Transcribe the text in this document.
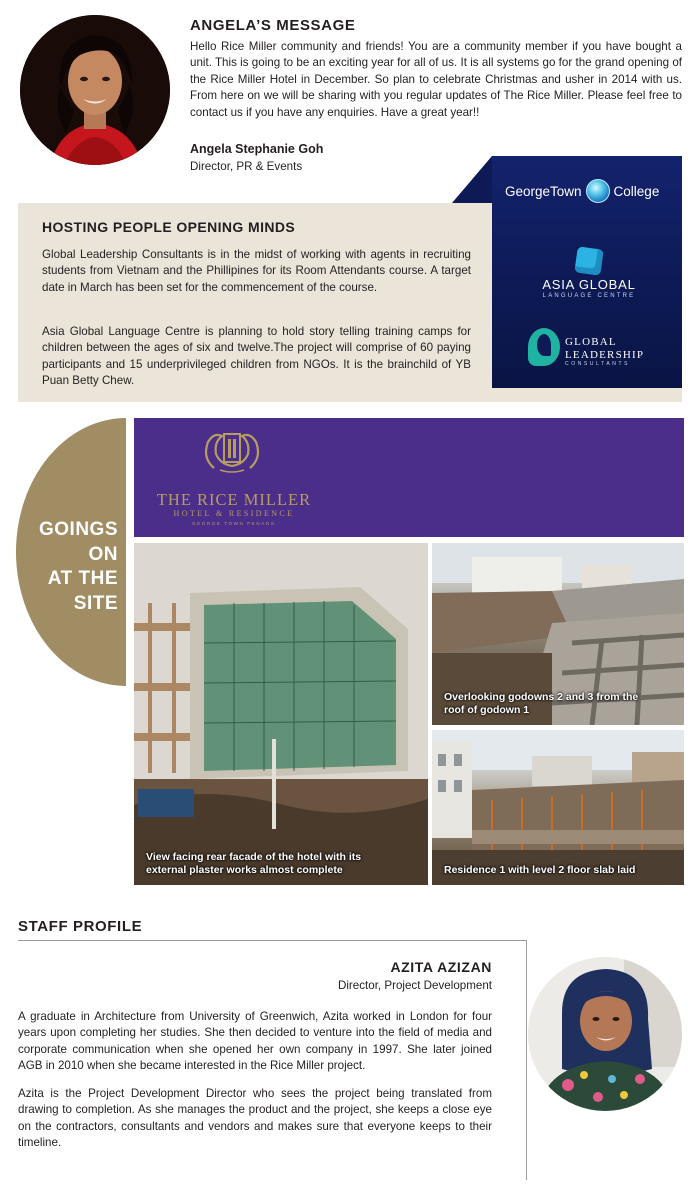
ANGELA’S MESSAGE
Hello Rice Miller community and friends! You are a community member if you have bought a unit. This is going to be an exciting year for all of us. It is all systems go for the grand opening of the Rice Miller Hotel in December. So plan to celebrate Christmas and usher in 2014 with us. From here on we will be sharing with you regular updates of The Rice Miller. Please feel free to contact us if you have any enquiries. Have a great year!!
Angela Stephanie Goh
Director, PR & Events
HOSTING PEOPLE OPENING MINDS
Global Leadership Consultants is in the midst of working with agents in recruiting students from Vietnam and the Phillipines for its Room Attendants course. A target date in March has been set for the commencement of the course.
Asia Global Language Centre is planning to hold story telling training camps for children between the ages of six and twelve.The project will comprise of 60 paying participants and 15 underprivileged children from NGOs. It is the brainchild of YB Puan Betty Chew.
GeorgeTown College
ASIA GLOBAL
LANGUAGE CENTRE
GLOBAL
LEADERSHIP
CONSULTANTS
GOINGS
ON
AT THE
SITE
THE RICE MILLER
HOTEL & RESIDENCE
GEORGE TOWN PENANG
View facing rear facade of the hotel with its external plaster works almost complete
Overlooking godowns 2 and 3 from the roof of godown 1
Residence 1 with level 2 floor slab laid
STAFF PROFILE
AZITA AZIZAN
Director, Project Development
A graduate in Architecture from University of Greenwich, Azita worked in London for four years upon completing her studies. She then decided to venture into the field of media and corporate communication when she opened her own company in 1997. She later joined AGB in 2010 when she became interested in the Rice Miller project.
Azita is the Project Development Director who sees the project being translated from drawing to completion. As she manages the product and the project, she keeps a close eye on the contractors, consultants and vendors and makes sure that everyone keeps to their timeline.
